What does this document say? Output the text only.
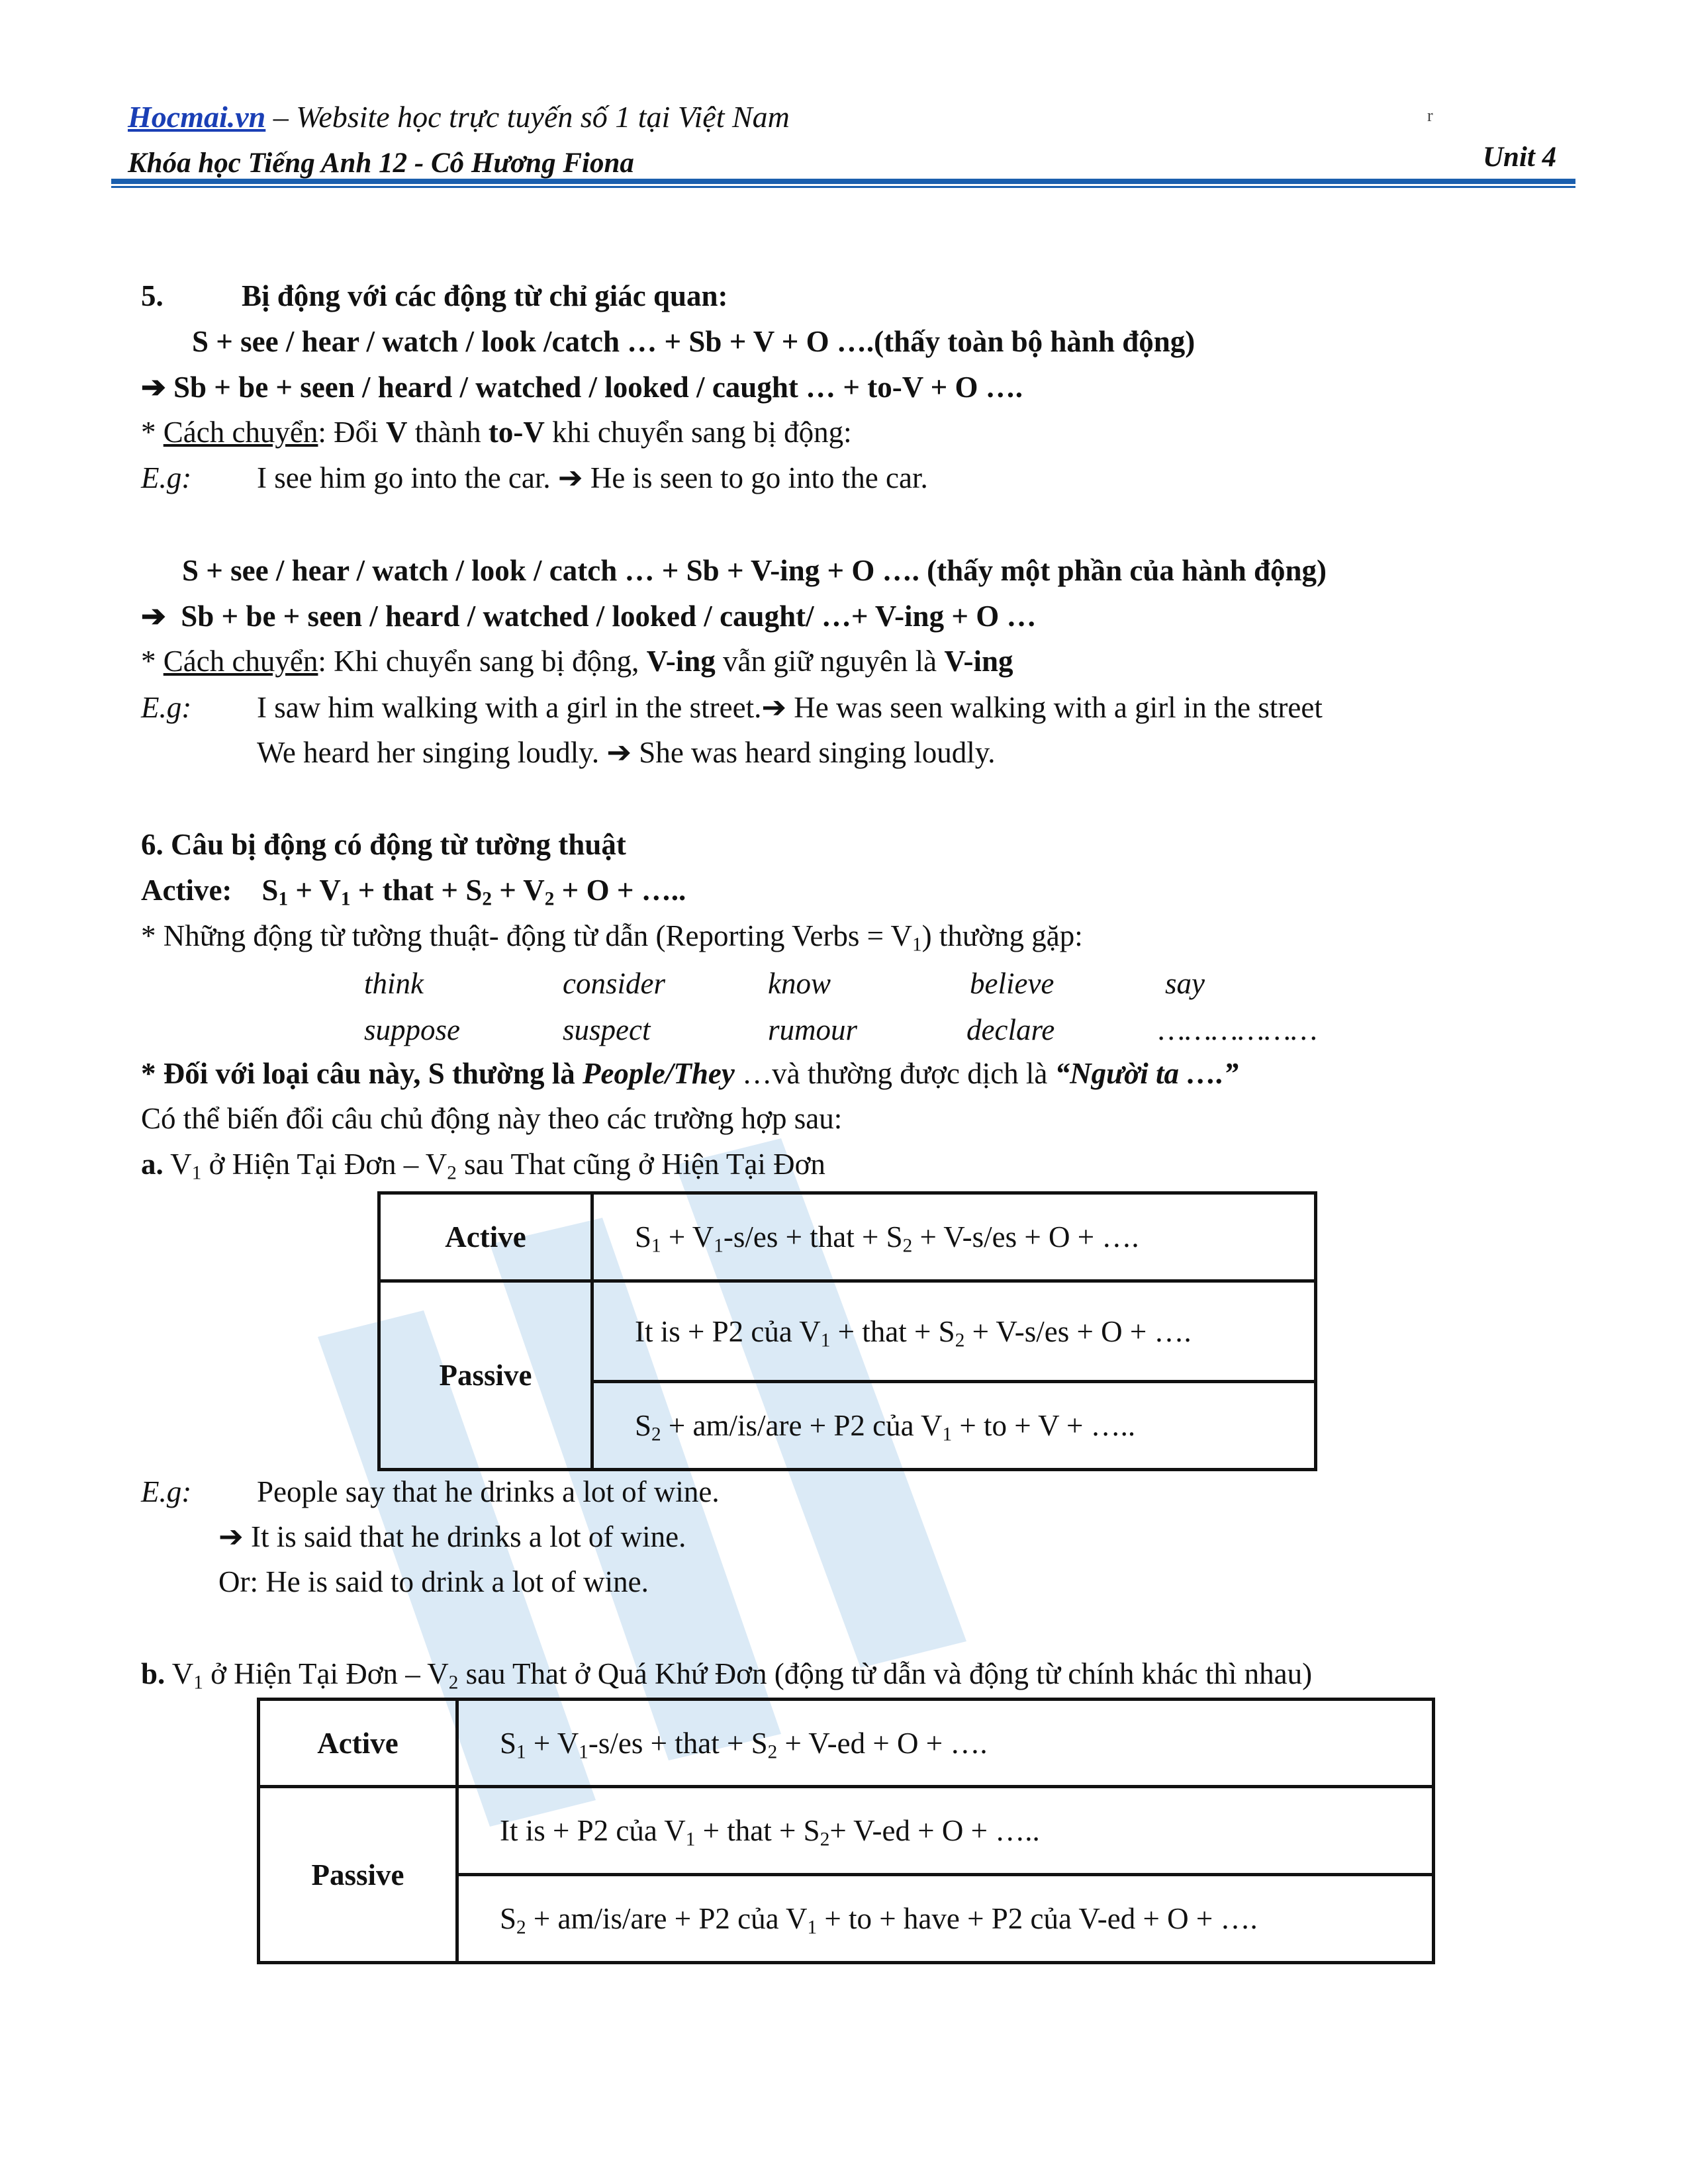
Hocmai.vn – Website học trực tuyến số 1 tại Việt Nam	r
Khóa học Tiếng Anh 12 - Cô Hương Fiona	Unit 4
5.	Bị động với các động từ chỉ giác quan:
S + see / hear / watch / look /catch … + Sb + V + O ….(thấy toàn bộ hành động)
➔ Sb + be + seen / heard / watched / looked / caught … + to-V + O ….
* Cách chuyển: Đổi V thành to-V khi chuyển sang bị động:
E.g: I see him go into the car. ➔ He is seen to go into the car.
S + see / hear / watch / look / catch … + Sb + V-ing + O …. (thấy một phần của hành động)
➔ Sb + be + seen / heard / watched / looked / caught/ …+ V-ing + O …
* Cách chuyển: Khi chuyển sang bị động, V-ing vẫn giữ nguyên là V-ing
E.g: I saw him walking with a girl in the street.➔ He was seen walking with a girl in the street
We heard her singing loudly. ➔ She was heard singing loudly.
6. Câu bị động có động từ tường thuật
Active: $S_1 + V_1$ + that + $S_2 + V_2 + O$ + …..
* Những động từ tường thuật- động từ dẫn (Reporting Verbs = $V_1$) thường gặp:
think	consider	know	believe	say
suppose	suspect	rumour	declare	………………
* Đối với loại câu này, S thường là People/They …và thường được dịch là “Người ta ….”
Có thể biến đổi câu chủ động này theo các trường hợp sau:
a. $V_1$ ở Hiện Tại Đơn – $V_2$ sau That cũng ở Hiện Tại Đơn
Active	$S_1 + V_1-s/es$ + that + $S_2 + V-s/es + O$ + ….
Passive	It is + P2 của $V_1$ + that + $S_2 + V-s/es + O$ + ….
	$S_2 + am/is/are + P2$ của $V_1$ + to + V + …..
E.g: People say that he drinks a lot of wine.
➔ It is said that he drinks a lot of wine.
Or: He is said to drink a lot of wine.
b. $V_1$ ở Hiện Tại Đơn – $V_2$ sau That ở Quá Khứ Đơn (động từ dẫn và động từ chính khác thì nhau)
Active	$S_1 + V_1-s/es$ + that + $S_2 + V-ed + O$ + ….
Passive	It is + P2 của $V_1$ + that + $S_2+ V-ed + O$ + …..
	$S_2 + am/is/are + P2$ của $V_1$ + to + have + P2 của V-ed + O + ….
